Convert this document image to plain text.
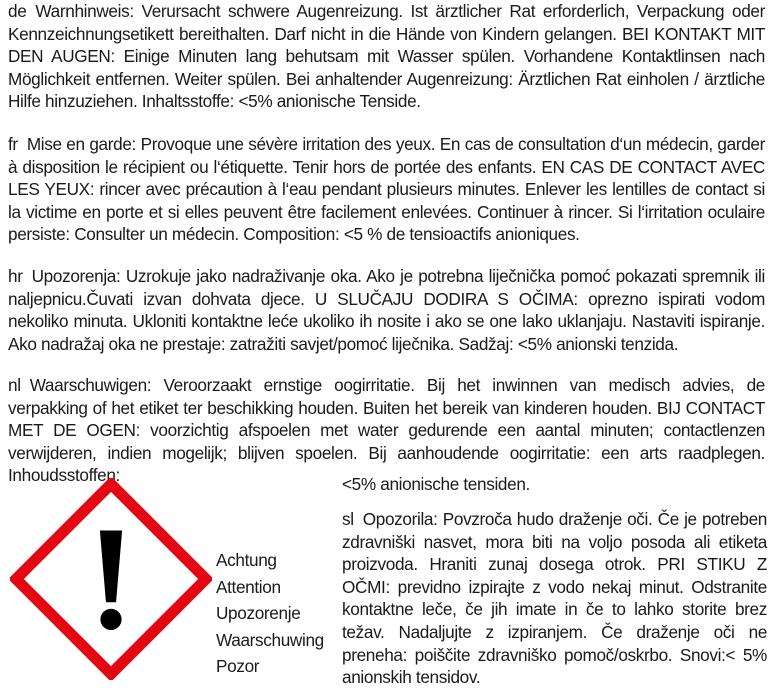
de Warnhinweis: Verursacht schwere Augenreizung. Ist ärztlicher Rat erforderlich, Verpackung oder Kennzeichnungsetikett bereithalten. Darf nicht in die Hände von Kindern gelangen. BEI KONTAKT MIT DEN AUGEN: Einige Minuten lang behutsam mit Wasser spülen. Vorhandene Kontaktlinsen nach Möglichkeit entfernen. Weiter spülen. Bei anhaltender Augenreizung: Ärztlichen Rat einholen / ärztliche Hilfe hinzuziehen. Inhaltsstoffe: <5% anionische Tenside.

fr Mise en garde: Provoque une sévère irritation des yeux. En cas de consultation d‘un médecin, garder à disposition le récipient ou l‘étiquette. Tenir hors de portée des enfants. EN CAS DE CONTACT AVEC LES YEUX: rincer avec précaution à l‘eau pendant plusieurs minutes. Enlever les lentilles de contact si la victime en porte et si elles peuvent être facilement enlevées. Continuer à rincer. Si l‘irritation oculaire persiste: Consulter un médecin. Composition: <5 % de tensioactifs anioniques.

hr Upozorenja: Uzrokuje jako nadraživanje oka. Ako je potrebna liječnička pomoć pokazati spremnik ili naljepnicu.Čuvati izvan dohvata djece. U SLUČAJU DODIRA S OČIMA: oprezno ispirati vodom nekoliko minuta. Ukloniti kontaktne leće ukoliko ih nosite i ako se one lako uklanjaju. Nastaviti ispiranje. Ako nadražaj oka ne prestaje: zatražiti savjet/pomoć liječnika. Sadžaj: <5% anionski tenzida.

nl Waarschuwigen: Veroorzaakt ernstige oogirritatie. Bij het inwinnen van medisch advies, de verpakking of het etiket ter beschikking houden. Buiten het bereik van kinderen houden. BIJ CONTACT MET DE OGEN: voorzichtig afspoelen met water gedurende een aantal minuten; contactlenzen verwijderen, indien mogelijk; blijven spoelen. Bij aanhoudende oogirritatie: een arts raadplegen. Inhoudsstoffen:	<5% anionische tensiden.

Achtung
Attention
Upozorenje
Waarschuwing
Pozor

sl Opozorila: Povzroča hudo draženje oči. Če je potreben zdravniški nasvet, mora biti na voljo posoda ali etiketa proizvoda. Hraniti zunaj dosega otrok. PRI STIKU Z OČMI: previdno izpirajte z vodo nekaj minut. Odstranite kontaktne leče, če jih imate in če to lahko storite brez težav. Nadaljujte z izpiranjem. Če draženje oči ne preneha: poiščite zdravniško pomoč/oskrbo. Snovi:< 5% anionskih tensidov.
